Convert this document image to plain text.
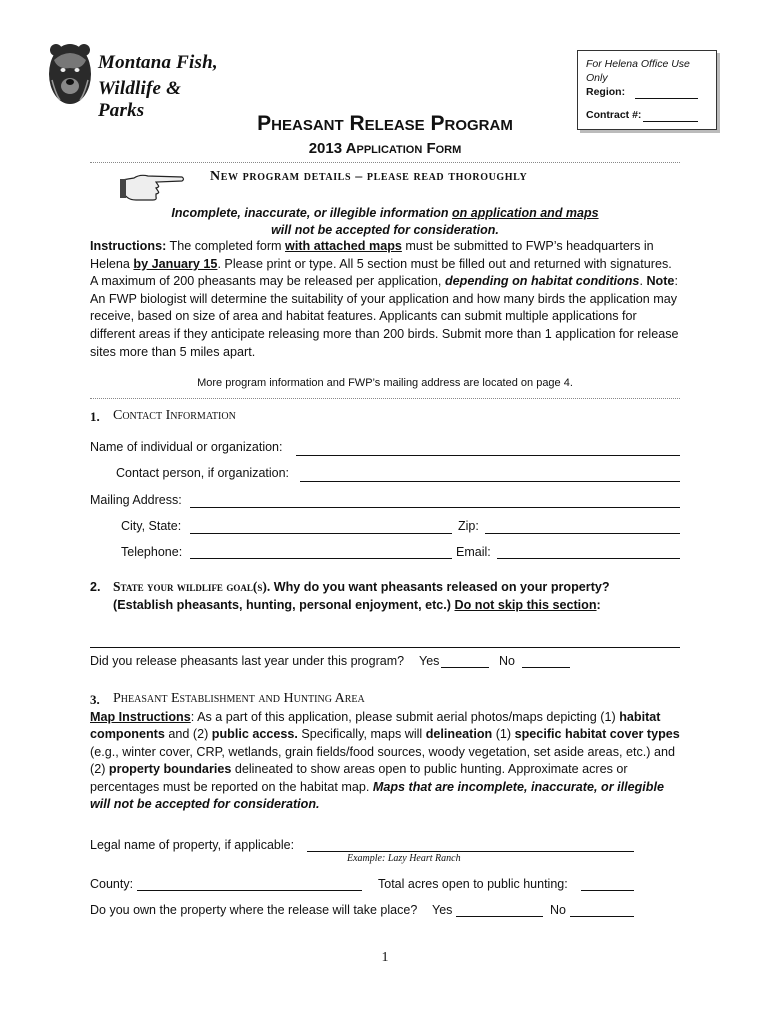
Montana Fish,
Wildlife & Parks
For Helena Office Use Only
Region:
Contract #:
Pheasant Release Program
2013 Application Form
New program details – please read thoroughly
Incomplete, inaccurate, or illegible information on application and maps
will not be accepted for consideration.
Instructions: The completed form with attached maps must be submitted to FWP’s headquarters in Helena by January 15. Please print or type. All 5 section must be filled out and returned with signatures. A maximum of 200 pheasants may be released per application, depending on habitat conditions. Note: An FWP biologist will determine the suitability of your application and how many birds the application may receive, based on size of area and habitat features. Applicants can submit multiple applications for different areas if they anticipate releasing more than 200 birds. Submit more than 1 application for release sites more than 5 miles apart.
More program information and FWP’s mailing address are located on page 4.
1. Contact Information
Name of individual or organization:
Contact person, if organization:
Mailing Address:
City, State:	Zip:
Telephone:	Email:
2. State your wildlife goal(s). Why do you want pheasants released on your property?
(Establish pheasants, hunting, personal enjoyment, etc.) Do not skip this section:
Did you release pheasants last year under this program? Yes	No
3. Pheasant Establishment and Hunting Area
Map Instructions: As a part of this application, please submit aerial photos/maps depicting (1) habitat components and (2) public access. Specifically, maps will delineation (1) specific habitat cover types (e.g., winter cover, CRP, wetlands, grain fields/food sources, woody vegetation, set aside areas, etc.) and (2) property boundaries delineated to show areas open to public hunting. Approximate acres or percentages must be reported on the habitat map. Maps that are incomplete, inaccurate, or illegible will not be accepted for consideration.
Legal name of property, if applicable:
Example: Lazy Heart Ranch
County:	Total acres open to public hunting:
Do you own the property where the release will take place? Yes	No
1
